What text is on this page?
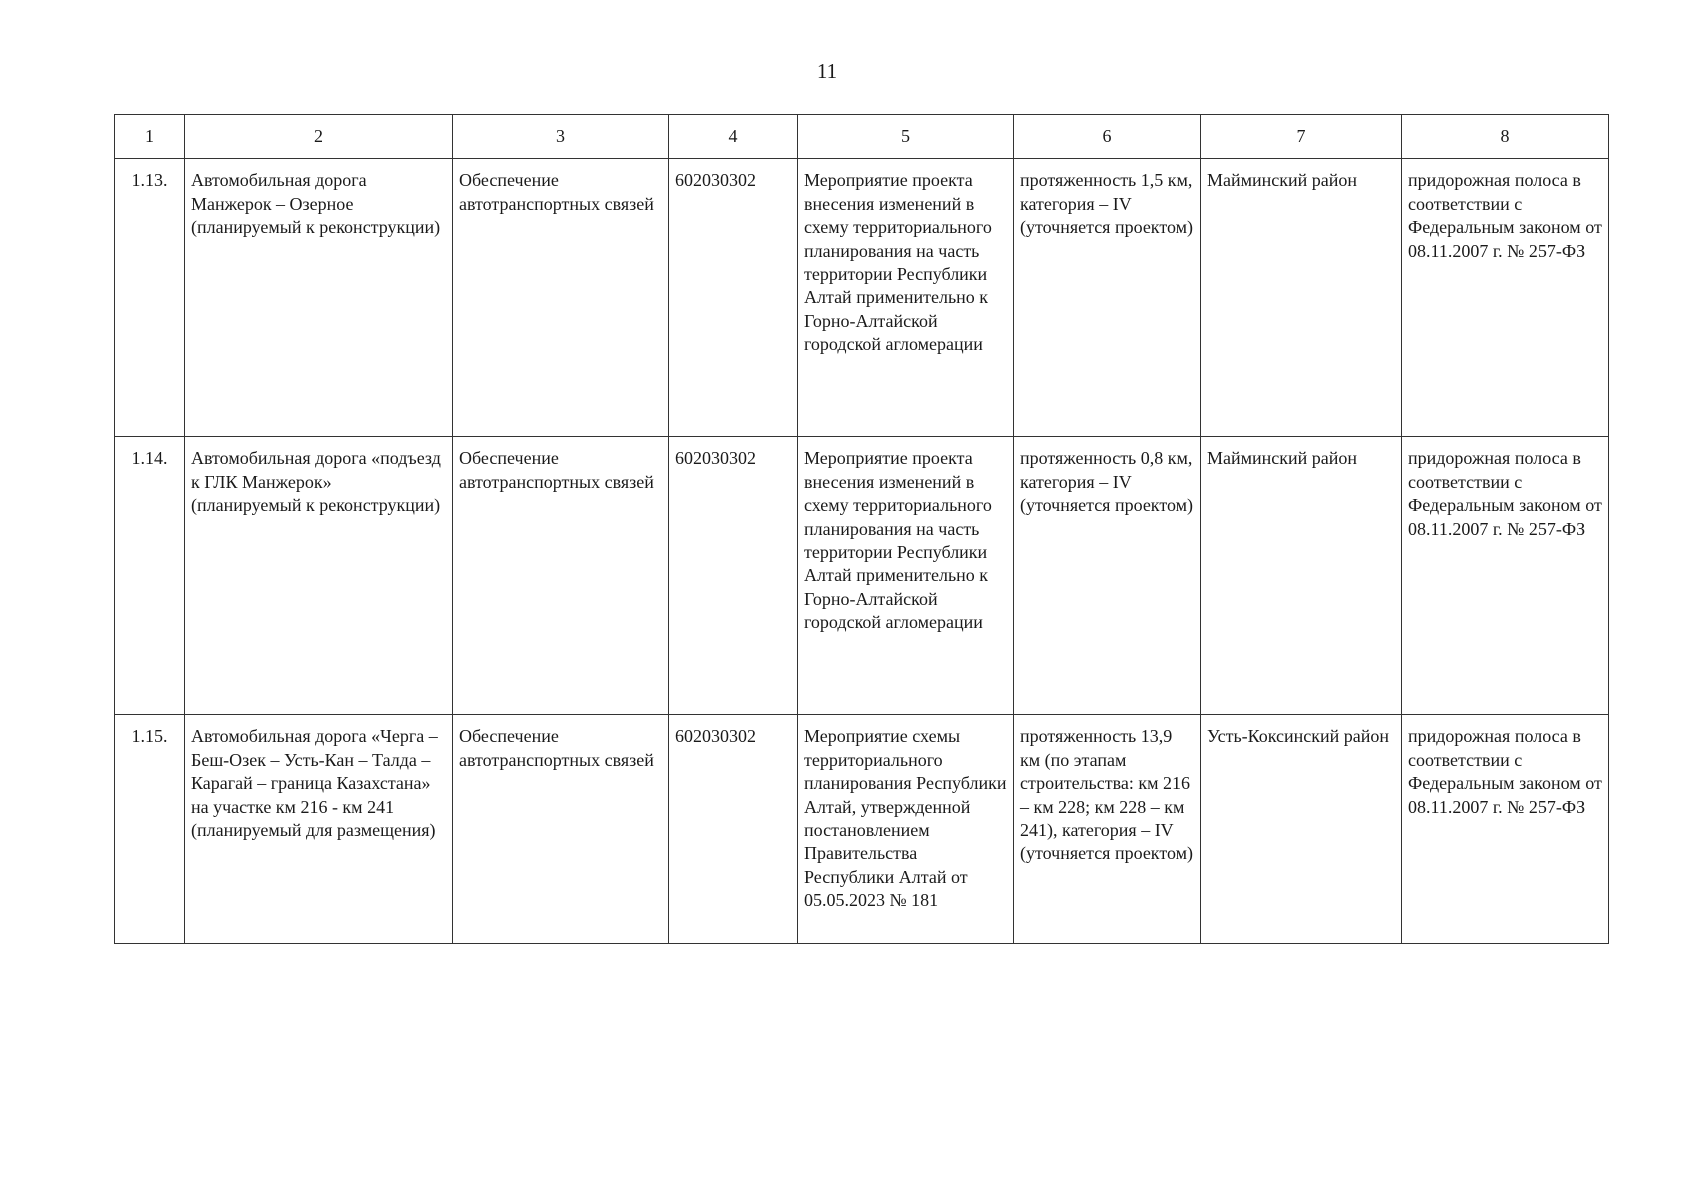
11
1	2	3	4	5	6	7	8
1.13.	Автомобильная дорога Манжерок – Озерное (планируемый к реконструкции)	Обеспечение автотранспортных связей	602030302	Мероприятие проекта внесения изменений в схему территориального планирования на часть территории Республики Алтай применительно к Горно-Алтайской городской агломерации	протяженность 1,5 км, категория – IV (уточняется проектом)	Майминский район	придорожная полоса в соответствии с Федеральным законом от 08.11.2007 г. № 257-ФЗ
1.14.	Автомобильная дорога «подъезд к ГЛК Манжерок» (планируемый к реконструкции)	Обеспечение автотранспортных связей	602030302	Мероприятие проекта внесения изменений в схему территориального планирования на часть территории Республики Алтай применительно к Горно-Алтайской городской агломерации	протяженность 0,8 км, категория – IV (уточняется проектом)	Майминский район	придорожная полоса в соответствии с Федеральным законом от 08.11.2007 г. № 257-ФЗ
1.15.	Автомобильная дорога «Черга – Беш-Озек – Усть-Кан – Талда – Карагай – граница Казахстана» на участке км 216 - км 241 (планируемый для размещения)	Обеспечение автотранспортных связей	602030302	Мероприятие схемы территориального планирования Республики Алтай, утвержденной постановлением Правительства Республики Алтай от 05.05.2023 № 181	протяженность 13,9 км (по этапам строительства: км 216 – км 228; км 228 – км 241), категория – IV (уточняется проектом)	Усть-Коксинский район	придорожная полоса в соответствии с Федеральным законом от 08.11.2007 г. № 257-ФЗ
